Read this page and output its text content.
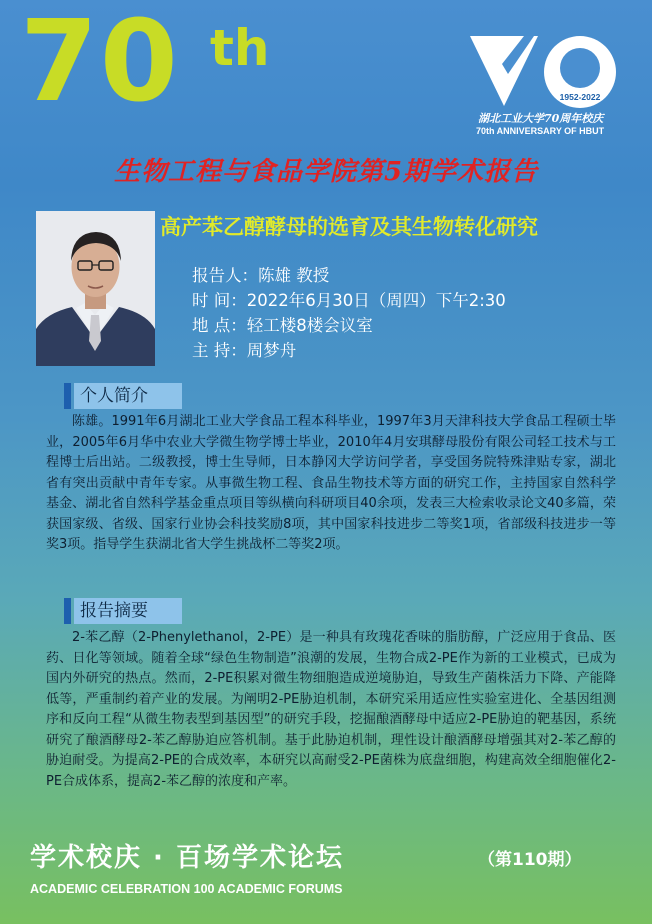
70 th
1952-2022
湖北工业大学70周年校庆
70th ANNIVERSARY OF HBUT
生物工程与食品学院第5期学术报告
高产苯乙醇酵母的选育及其生物转化研究
报告人：陈雄 教授
时 间：2022年6月30日（周四）下午2:30
地 点：轻工楼8楼会议室
主 持：周梦舟
个人简介
陈雄。1991年6月湖北工业大学食品工程本科毕业，1997年3月天津科技大学食品工程硕士毕业，2005年6月华中农业大学微生物学博士毕业，2010年4月安琪酵母股份有限公司轻工技术与工程博士后出站。二级教授，博士生导师，日本静冈大学访问学者，享受国务院特殊津贴专家，湖北省有突出贡献中青年专家。从事微生物工程、食品生物技术等方面的研究工作，主持国家自然科学基金、湖北省自然科学基金重点项目等纵横向科研项目40余项，发表三大检索收录论文40多篇，荣获国家级、省级、国家行业协会科技奖励8项，其中国家科技进步二等奖1项，省部级科技进步一等奖3项。指导学生获湖北省大学生挑战杯二等奖2项。
报告摘要
2-苯乙醇（2-Phenylethanol，2-PE）是一种具有玫瑰花香味的脂肪醇，广泛应用于食品、医药、日化等领域。随着全球“绿色生物制造”浪潮的发展，生物合成2-PE作为新的工业模式，已成为国内外研究的热点。然而，2-PE积累对微生物细胞造成逆境胁迫，导致生产菌株活力下降、产能降低等，严重制约着产业的发展。为阐明2-PE胁迫机制，本研究采用适应性实验室进化、全基因组测序和反向工程“从微生物表型到基因型”的研究手段，挖掘酿酒酵母中适应2-PE胁迫的靶基因，系统研究了酿酒酵母2-苯乙醇胁迫应答机制。基于此胁迫机制，理性设计酿酒酵母增强其对2-苯乙醇的胁迫耐受。为提高2-PE的合成效率，本研究以高耐受2-PE菌株为底盘细胞，构建高效全细胞催化2-PE合成体系，提高2-苯乙醇的浓度和产率。
学术校庆 · 百场学术论坛	（第110期）
ACADEMIC CELEBRATION 100 ACADEMIC FORUMS
